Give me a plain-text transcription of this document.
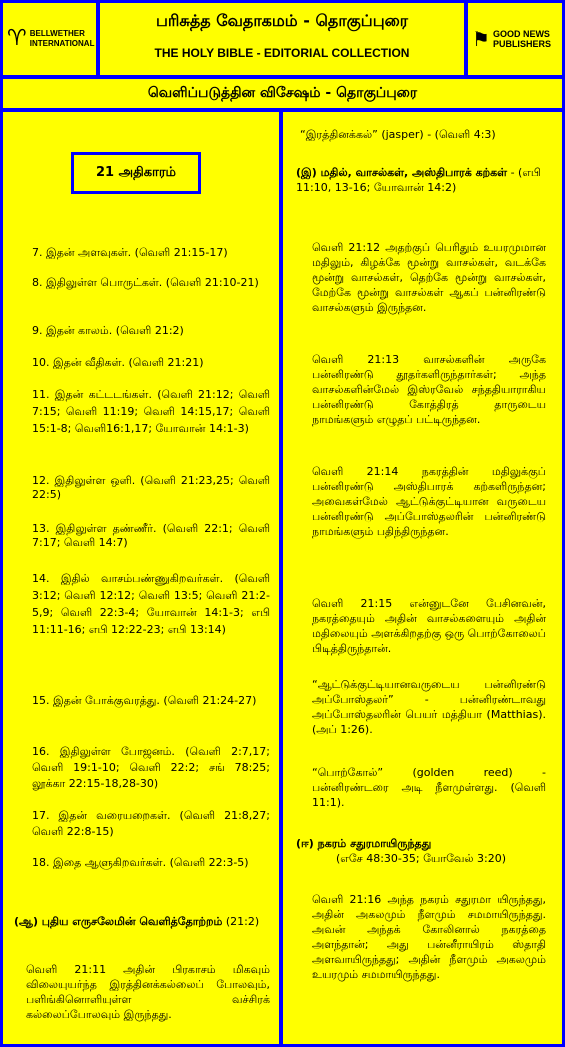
♈ BELLWETHER
INTERNATIONAL
பரிசுத்த வேதாகமம் - தொகுப்புரை
THE HOLY BIBLE - EDITORIAL COLLECTION
⚑ GOOD NEWS
PUBLISHERS
வெளிப்படுத்தின விசேஷம் - தொகுப்புரை
21 அதிகாரம்
7. இதன் அளவுகள். (வெளி 21:15-17)
8. இதிலுள்ள பொருட்கள். (வெளி 21:10-21)
9. இதன் காலம். (வெளி 21:2)
10. இதன் வீதிகள். (வெளி 21:21)
11. இதன் கட்டடங்கள். (வெளி 21:12; வெளி 7:15; வெளி 11:19; வெளி 14:15,17; வெளி 15:1-8; வெளி16:1,17; யோவான் 14:1-3)
12. இதிலுள்ள ஒளி. (வெளி 21:23,25; வெளி 22:5)
13. இதிலுள்ள தண்ணீர். (வெளி 22:1; வெளி 7:17; வெளி 14:7)
14. இதில் வாசம்பண்ணுகிறவர்கள். (வெளி 3:12; வெளி 12:12; வெளி 13:5; வெளி 21:2-5,9; வெளி 22:3-4; யோவான் 14:1-3; எபி 11:11-16; எபி 12:22-23; எபி 13:14)
15. இதன் போக்குவரத்து. (வெளி 21:24-27)
16. இதிலுள்ள போஜனம். (வெளி 2:7,17; வெளி 19:1-10; வெளி 22:2; சங் 78:25; லூக்கா 22:15-18,28-30)
17. இதன் வரையறைகள். (வெளி 21:8,27; வெளி 22:8-15)
18. இதை ஆளுகிறவர்கள். (வெளி 22:3-5)
(ஆ) புதிய எருசலேமின் வெளித்தோற்றம் (21:2)
வெளி 21:11 அதின் பிரகாசம் மிகவும் விலையுயர்ந்த இரத்தினக்கல்லைப் போலவும், பளிங்கினொளியுள்ள வச்சிரக் கல்லைப்போலவும் இருந்தது.
“இரத்தினக்கல்” (jasper) - (வெளி 4:3)
(இ) மதில், வாசல்கள், அஸ்திபாரக் கற்கள் - (எபி 11:10, 13-16; யோவான் 14:2)
வெளி 21:12 அதற்குப் பெரிதும் உயரமுமான மதிலும், கிழக்கே மூன்று வாசல்கள், வடக்கே மூன்று வாசல்கள், தெற்கே மூன்று வாசல்கள், மேற்கே மூன்று வாசல்கள் ஆகப் பன்னிரண்டு வாசல்களும் இருந்தன.
வெளி 21:13 வாசல்களின் அருகே பன்னிரண்டு தூதர்களிருந்தார்கள்; அந்த வாசல்களின்மேல் இஸ்ரவேல் சந்ததியாராகிய பன்னிரண்டு கோத்திரத் தாருடைய நாமங்களும் எழுதப் பட்டிருந்தன.
வெளி 21:14 நகரத்தின் மதிலுக்குப் பன்னிரண்டு அஸ்திபாரக் கற்களிருந்தன; அவைகள்மேல் ஆட்டுக்குட்டியான வருடைய பன்னிரண்டு அப்போஸ்தலரின் பன்னிரண்டு நாமங்களும் பதிந்திருந்தன.
வெளி 21:15 என்னுடனே பேசினவன், நகரத்தையும் அதின் வாசல்களையும் அதின் மதிலையும் அளக்கிறதற்கு ஒரு பொற்கோலைப் பிடித்திருந்தான்.
“ஆட்டுக்குட்டியானவருடைய பன்னிரண்டு அப்போஸ்தலர்” - பன்னிரண்டாவது அப்போஸ்தலரின் பெயர் மத்தியா (Matthias). (அப் 1:26).
“பொற்கோல்” (golden reed) - பன்னிரண்டரை அடி நீளமுள்ளது. (வெளி 11:1).
(ஈ) நகரம் சதுரமாயிருந்தது
(எசே 48:30-35; யோவேல் 3:20)
வெளி 21:16 அந்த நகரம் சதுரமா யிருந்தது, அதின் அகலமும் நீளமும் சமமாயிருந்தது. அவன் அந்தக் கோலினால் நகரத்தை அளந்தான்; அது பன்னீராயிரம் ஸ்தாதி அளவாயிருந்தது; அதின் நீளமும் அகலமும் உயரமும் சமமாயிருந்தது.
